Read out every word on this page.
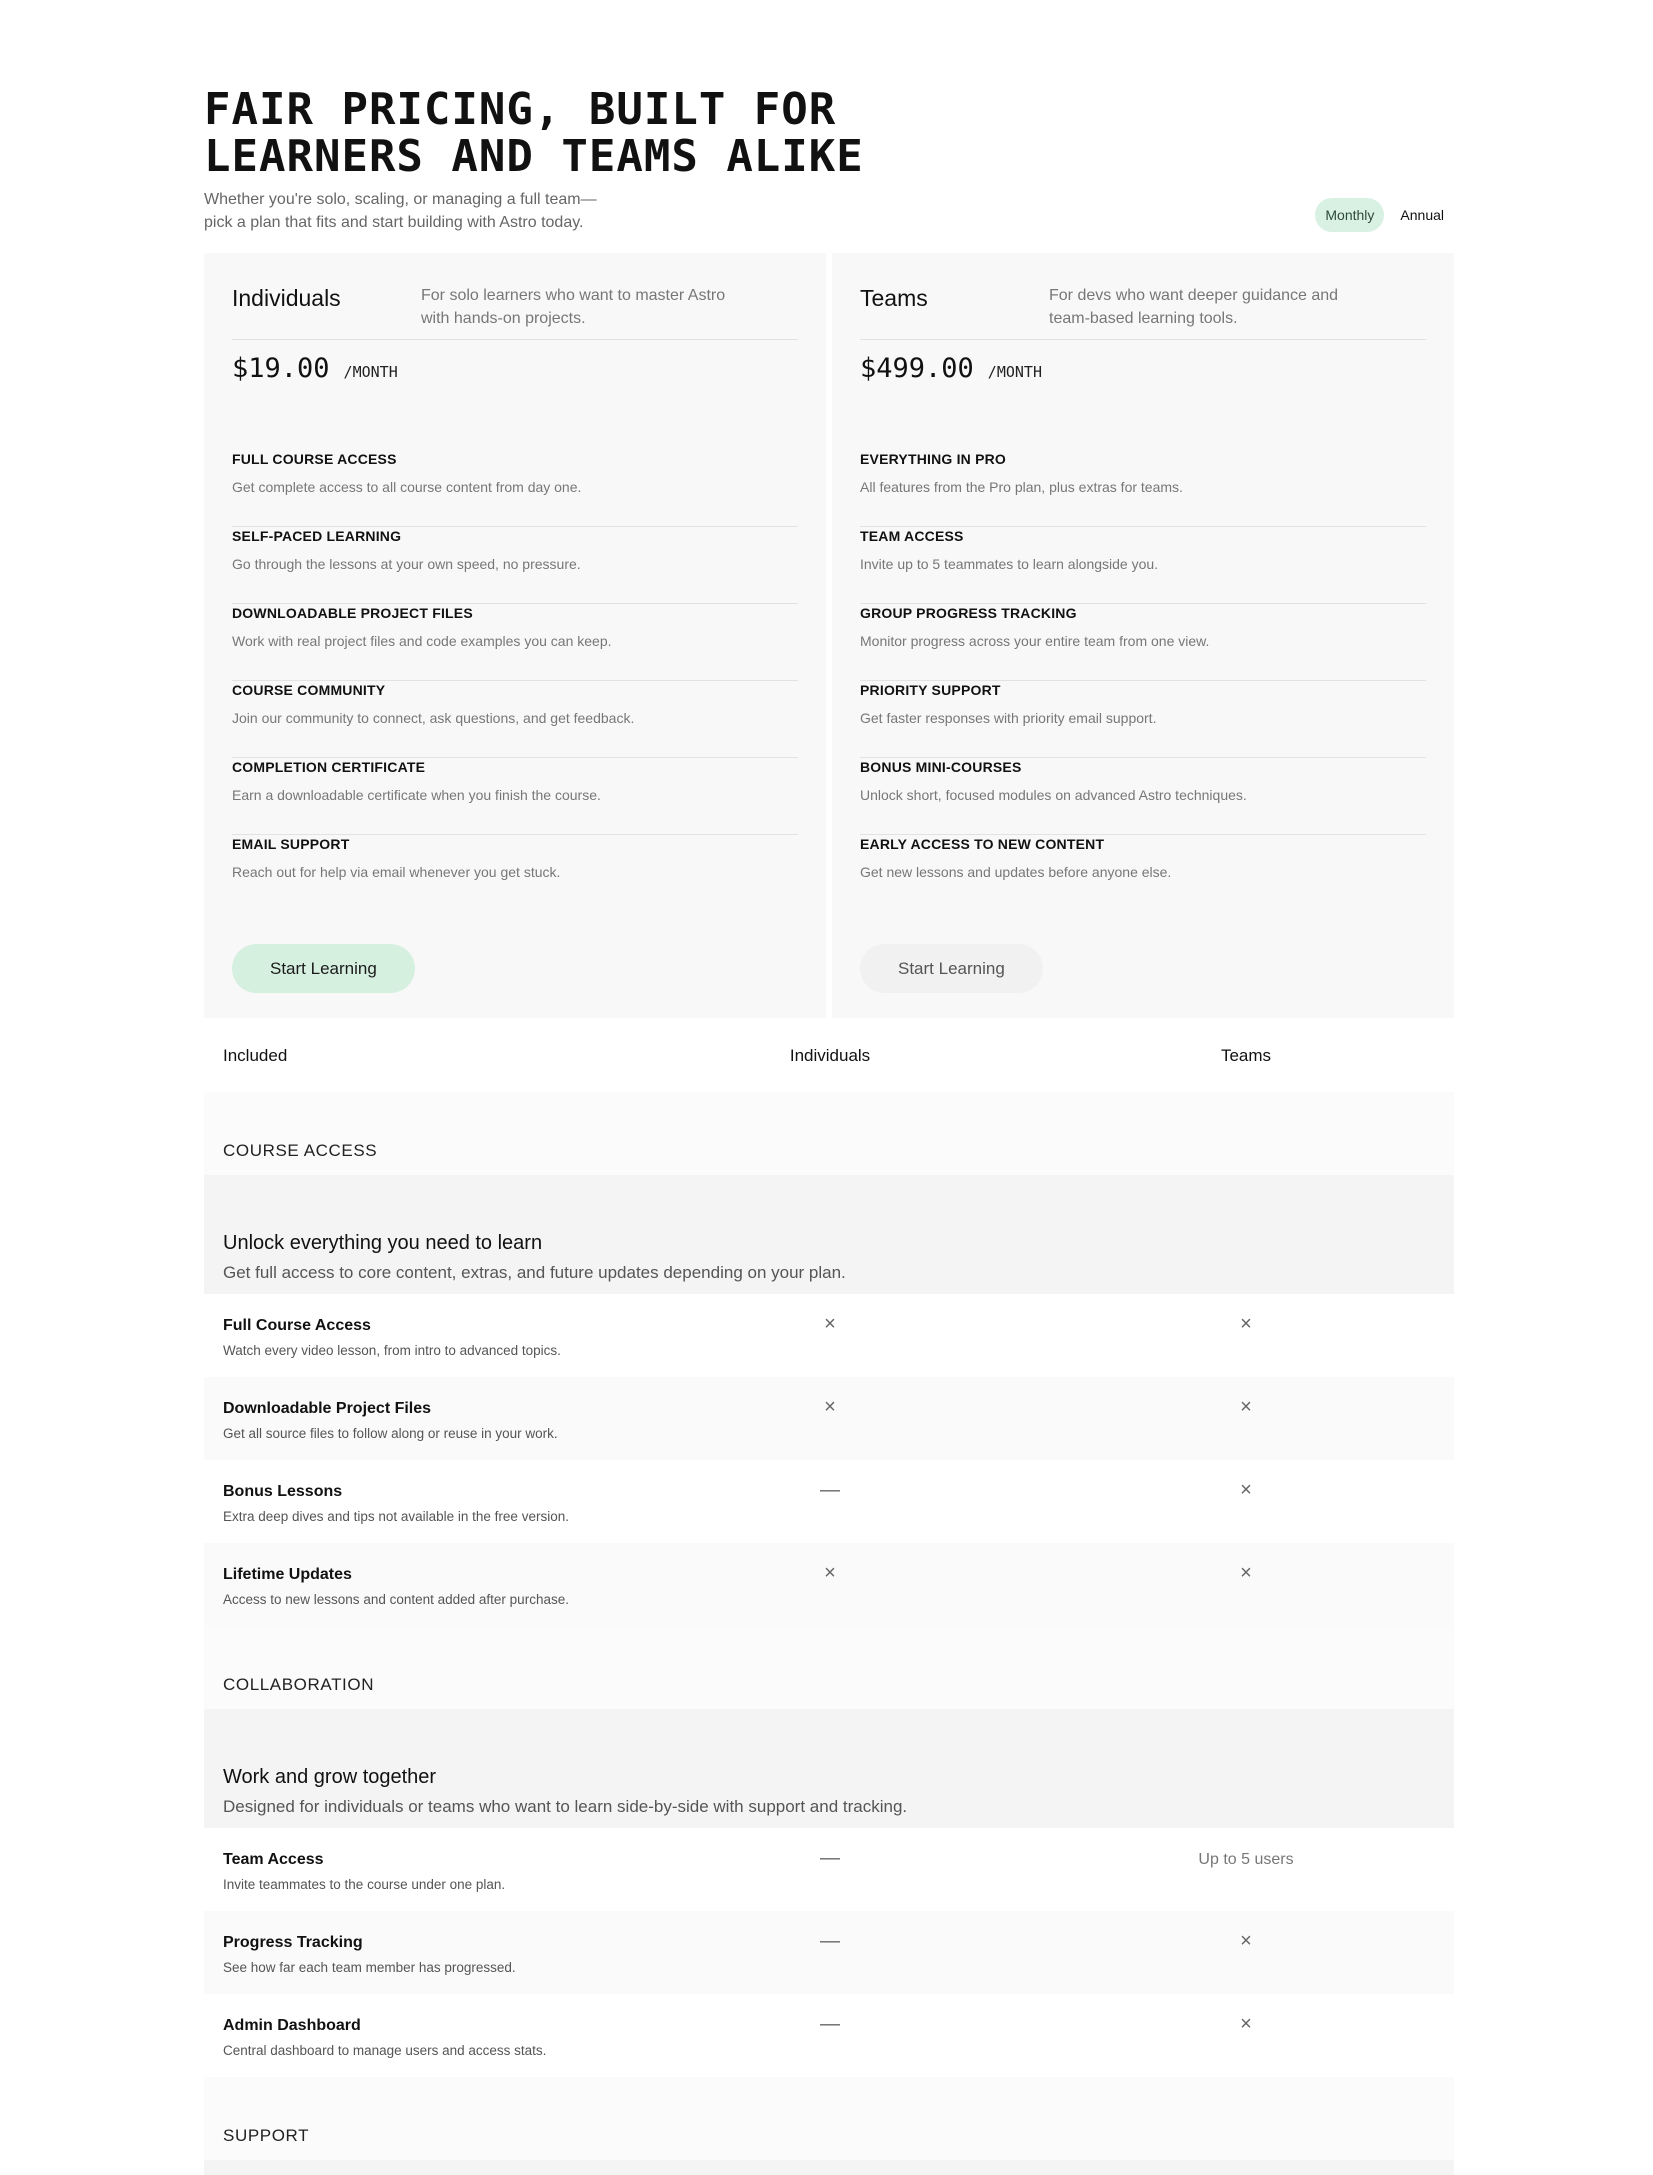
FAIR PRICING, BUILT FOR
LEARNERS AND TEAMS ALIKE
Whether you're solo, scaling, or managing a full team—
pick a plan that fits and start building with Astro today.	Monthly	Annual
Individuals	For solo learners who want to master Astro with hands-on projects.
$19.00 /MONTH
FULL COURSE ACCESS
Get complete access to all course content from day one.
SELF-PACED LEARNING
Go through the lessons at your own speed, no pressure.
DOWNLOADABLE PROJECT FILES
Work with real project files and code examples you can keep.
COURSE COMMUNITY
Join our community to connect, ask questions, and get feedback.
COMPLETION CERTIFICATE
Earn a downloadable certificate when you finish the course.
EMAIL SUPPORT
Reach out for help via email whenever you get stuck.
Start Learning
Teams	For devs who want deeper guidance and team-based learning tools.
$499.00 /MONTH
EVERYTHING IN PRO
All features from the Pro plan, plus extras for teams.
TEAM ACCESS
Invite up to 5 teammates to learn alongside you.
GROUP PROGRESS TRACKING
Monitor progress across your entire team from one view.
PRIORITY SUPPORT
Get faster responses with priority email support.
BONUS MINI-COURSES
Unlock short, focused modules on advanced Astro techniques.
EARLY ACCESS TO NEW CONTENT
Get new lessons and updates before anyone else.
Start Learning
Included	Individuals	Teams
COURSE ACCESS
Unlock everything you need to learn
Get full access to core content, extras, and future updates depending on your plan.
Full Course Access
Watch every video lesson, from intro to advanced topics.
×	×
Downloadable Project Files
Get all source files to follow along or reuse in your work.
×	×
Bonus Lessons
Extra deep dives and tips not available in the free version.
—	×
Lifetime Updates
Access to new lessons and content added after purchase.
×	×
COLLABORATION
Work and grow together
Designed for individuals or teams who want to learn side-by-side with support and tracking.
Team Access
Invite teammates to the course under one plan.
—	Up to 5 users
Progress Tracking
See how far each team member has progressed.
—	×
Admin Dashboard
Central dashboard to manage users and access stats.
—	×
SUPPORT
